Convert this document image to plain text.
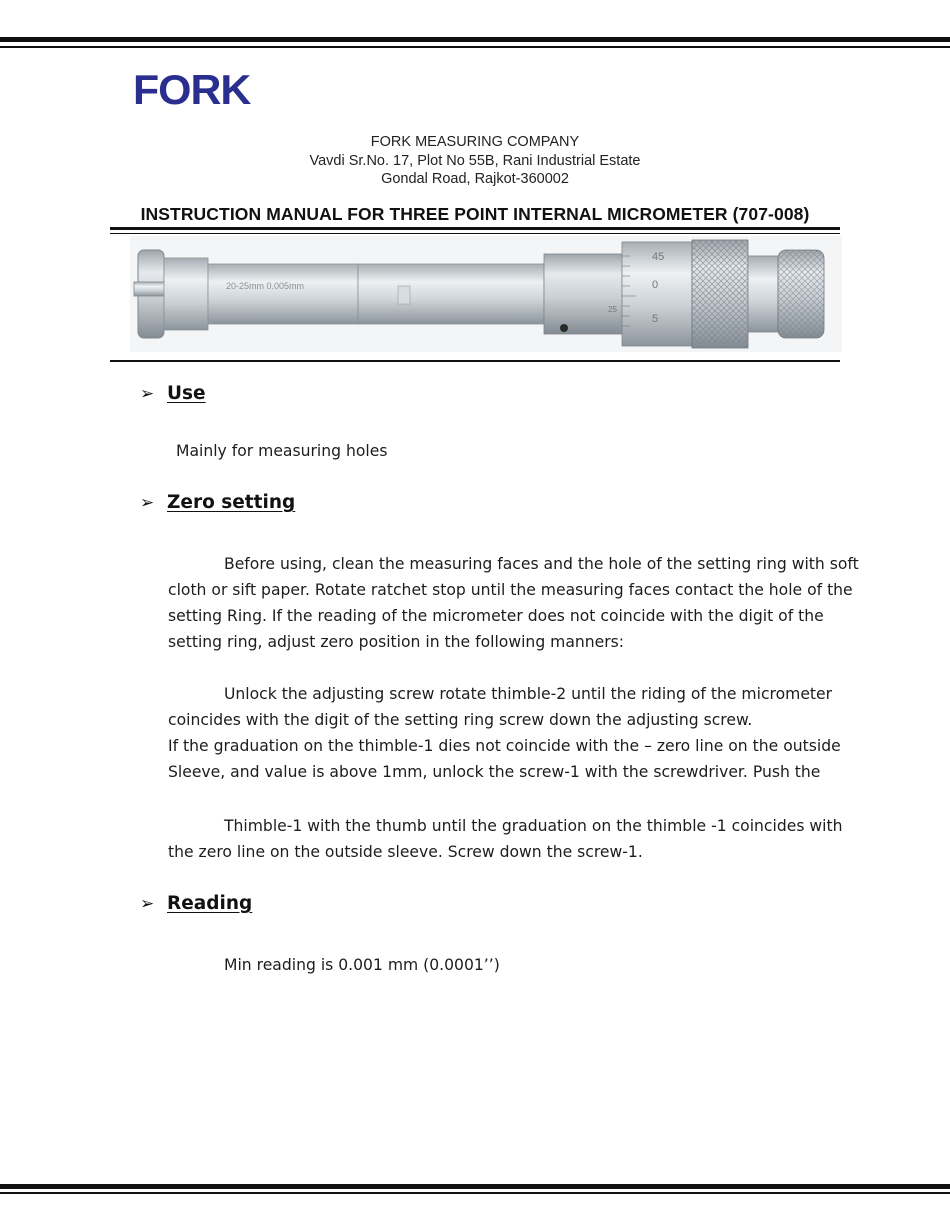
FORK
FORK MEASURING COMPANY
Vavdi Sr.No. 17, Plot No 55B, Rani Industrial Estate
Gondal Road, Rajkot-360002
INSTRUCTION MANUAL FOR THREE POINT INTERNAL MICROMETER (707-008)
20-25mm 0.005mm
45
0
5
25
➢ Use
Mainly for measuring holes
➢ Zero setting
Before using, clean the measuring faces and the hole of the setting ring with soft
cloth or sift paper. Rotate ratchet stop until the measuring faces contact the hole of the
setting Ring. If the reading of the micrometer does not coincide with the digit of the
setting ring, adjust zero position in the following manners:
Unlock the adjusting screw rotate thimble-2 until the riding of the micrometer
coincides with the digit of the setting ring screw down the adjusting screw.
If the graduation on the thimble-1 dies not coincide with the – zero line on the outside
Sleeve, and value is above 1mm, unlock the screw-1 with the screwdriver. Push the
Thimble-1 with the thumb until the graduation on the thimble -1 coincides with
the zero line on the outside sleeve. Screw down the screw-1.
➢ Reading
Min reading is 0.001 mm (0.0001’’)
